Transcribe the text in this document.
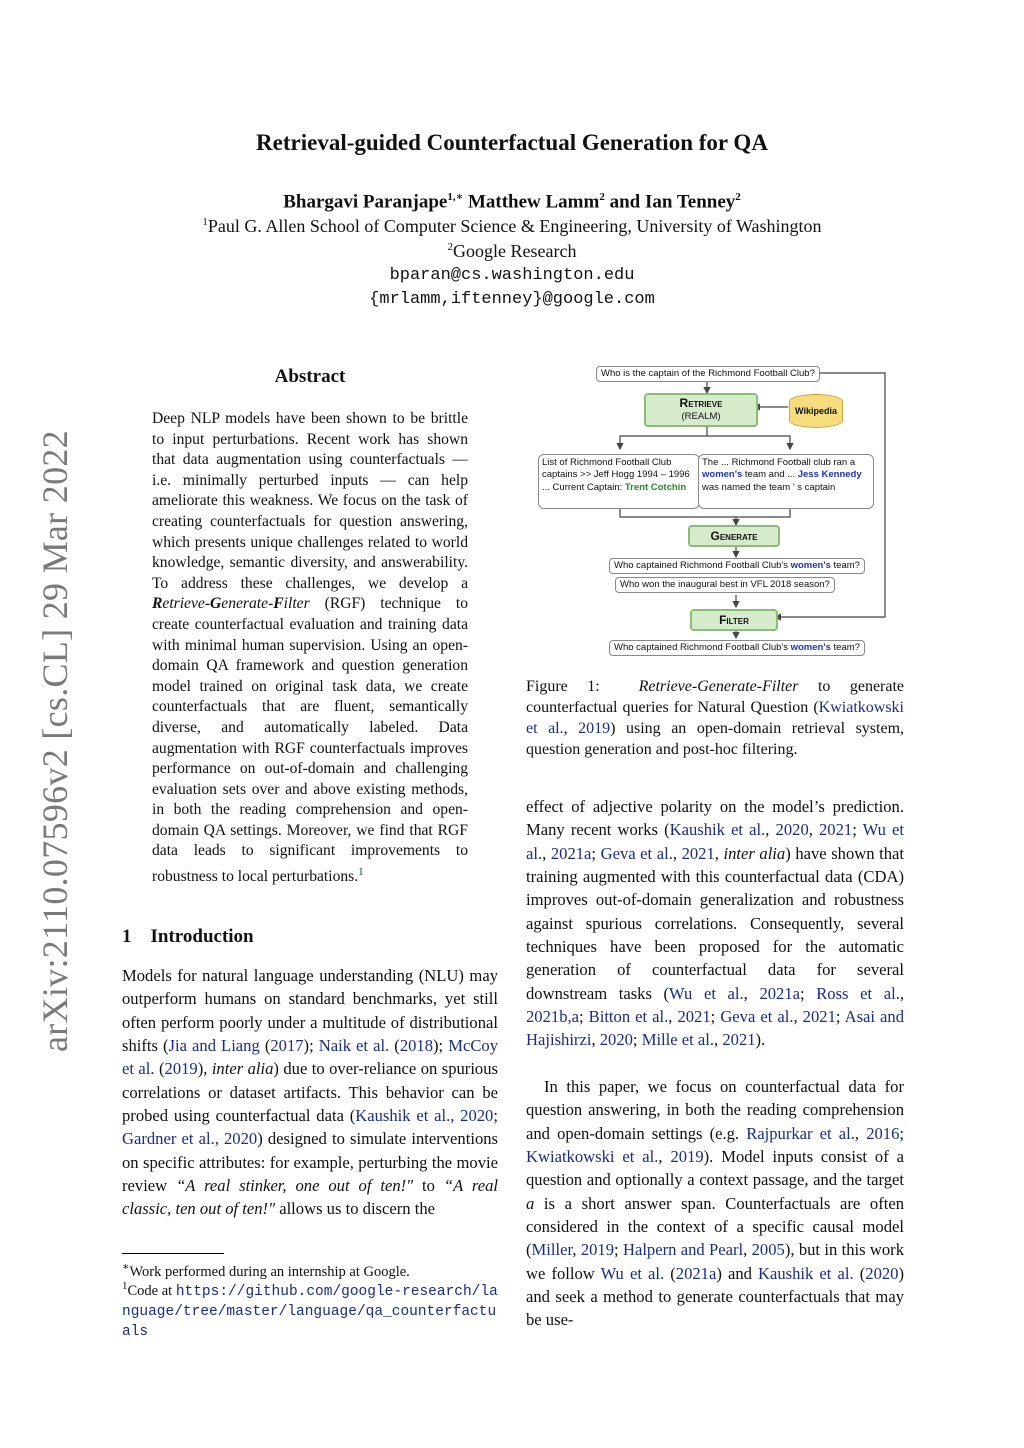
arXiv:2110.07596v2 [cs.CL] 29 Mar 2022
Retrieval-guided Counterfactual Generation for QA
Bhargavi Paranjape$^{1,∗}$ Matthew Lamm$^2$ and Ian Tenney$^2$
$^1$Paul G. Allen School of Computer Science & Engineering, University of Washington
$^2$Google Research
bparan@cs.washington.edu
{mrlamm,iftenney}@google.com
Abstract
Deep NLP models have been shown to be brittle to input perturbations. Recent work has shown that data augmentation using counterfactuals — i.e. minimally perturbed inputs — can help ameliorate this weakness. We focus on the task of creating counterfactuals for question answering, which presents unique challenges related to world knowledge, semantic diversity, and answerability. To address these challenges, we develop a Retrieve-Generate-Filter (RGF) technique to create counterfactual evaluation and training data with minimal human supervision. Using an open-domain QA framework and question generation model trained on original task data, we create counterfactuals that are fluent, semantically diverse, and automatically labeled. Data augmentation with RGF counterfactuals improves performance on out-of-domain and challenging evaluation sets over and above existing methods, in both the reading comprehension and open-domain QA settings. Moreover, we find that RGF data leads to significant improvements to robustness to local perturbations.$^1$
1 Introduction
Models for natural language understanding (NLU) may outperform humans on standard benchmarks, yet still often perform poorly under a multitude of distributional shifts (Jia and Liang (2017); Naik et al. (2018); McCoy et al. (2019), inter alia) due to over-reliance on spurious correlations or dataset artifacts. This behavior can be probed using counterfactual data (Kaushik et al., 2020; Gardner et al., 2020) designed to simulate interventions on specific attributes: for example, perturbing the movie review “A real stinker, one out of ten!" to “A real classic, ten out of ten!" allows us to discern the
∗Work performed during an internship at Google.
$^1$Code at https://github.com/google-research/language/tree/master/language/qa_counterfactuals
Who is the captain of the Richmond Football Club?
Retrieve
(REALM)	Wikipedia
List of Richmond Football Club captains >> Jeff Hogg 1994 – 1996 ... Current Captain: Trent Cotchin
The ... Richmond Football club ran a women's team and ... Jess Kennedy was named the team ' s captain
Generate
Who captained Richmond Football Club's women's team?
Who won the inaugural best in VFL 2018 season?
Filter
Who captained Richmond Football Club's women's team?
Figure 1: Retrieve-Generate-Filter to generate counterfactual queries for Natural Question (Kwiatkowski et al., 2019) using an open-domain retrieval system, question generation and post-hoc filtering.
effect of adjective polarity on the model’s prediction. Many recent works (Kaushik et al., 2020, 2021; Wu et al., 2021a; Geva et al., 2021, inter alia) have shown that training augmented with this counterfactual data (CDA) improves out-of-domain generalization and robustness against spurious correlations. Consequently, several techniques have been proposed for the automatic generation of counterfactual data for several downstream tasks (Wu et al., 2021a; Ross et al., 2021b,a; Bitton et al., 2021; Geva et al., 2021; Asai and Hajishirzi, 2020; Mille et al., 2021).
In this paper, we focus on counterfactual data for question answering, in both the reading comprehension and open-domain settings (e.g. Rajpurkar et al., 2016; Kwiatkowski et al., 2019). Model inputs consist of a question and optionally a context passage, and the target a is a short answer span. Counterfactuals are often considered in the context of a specific causal model (Miller, 2019; Halpern and Pearl, 2005), but in this work we follow Wu et al. (2021a) and Kaushik et al. (2020) and seek a method to generate counterfactuals that may be use-
